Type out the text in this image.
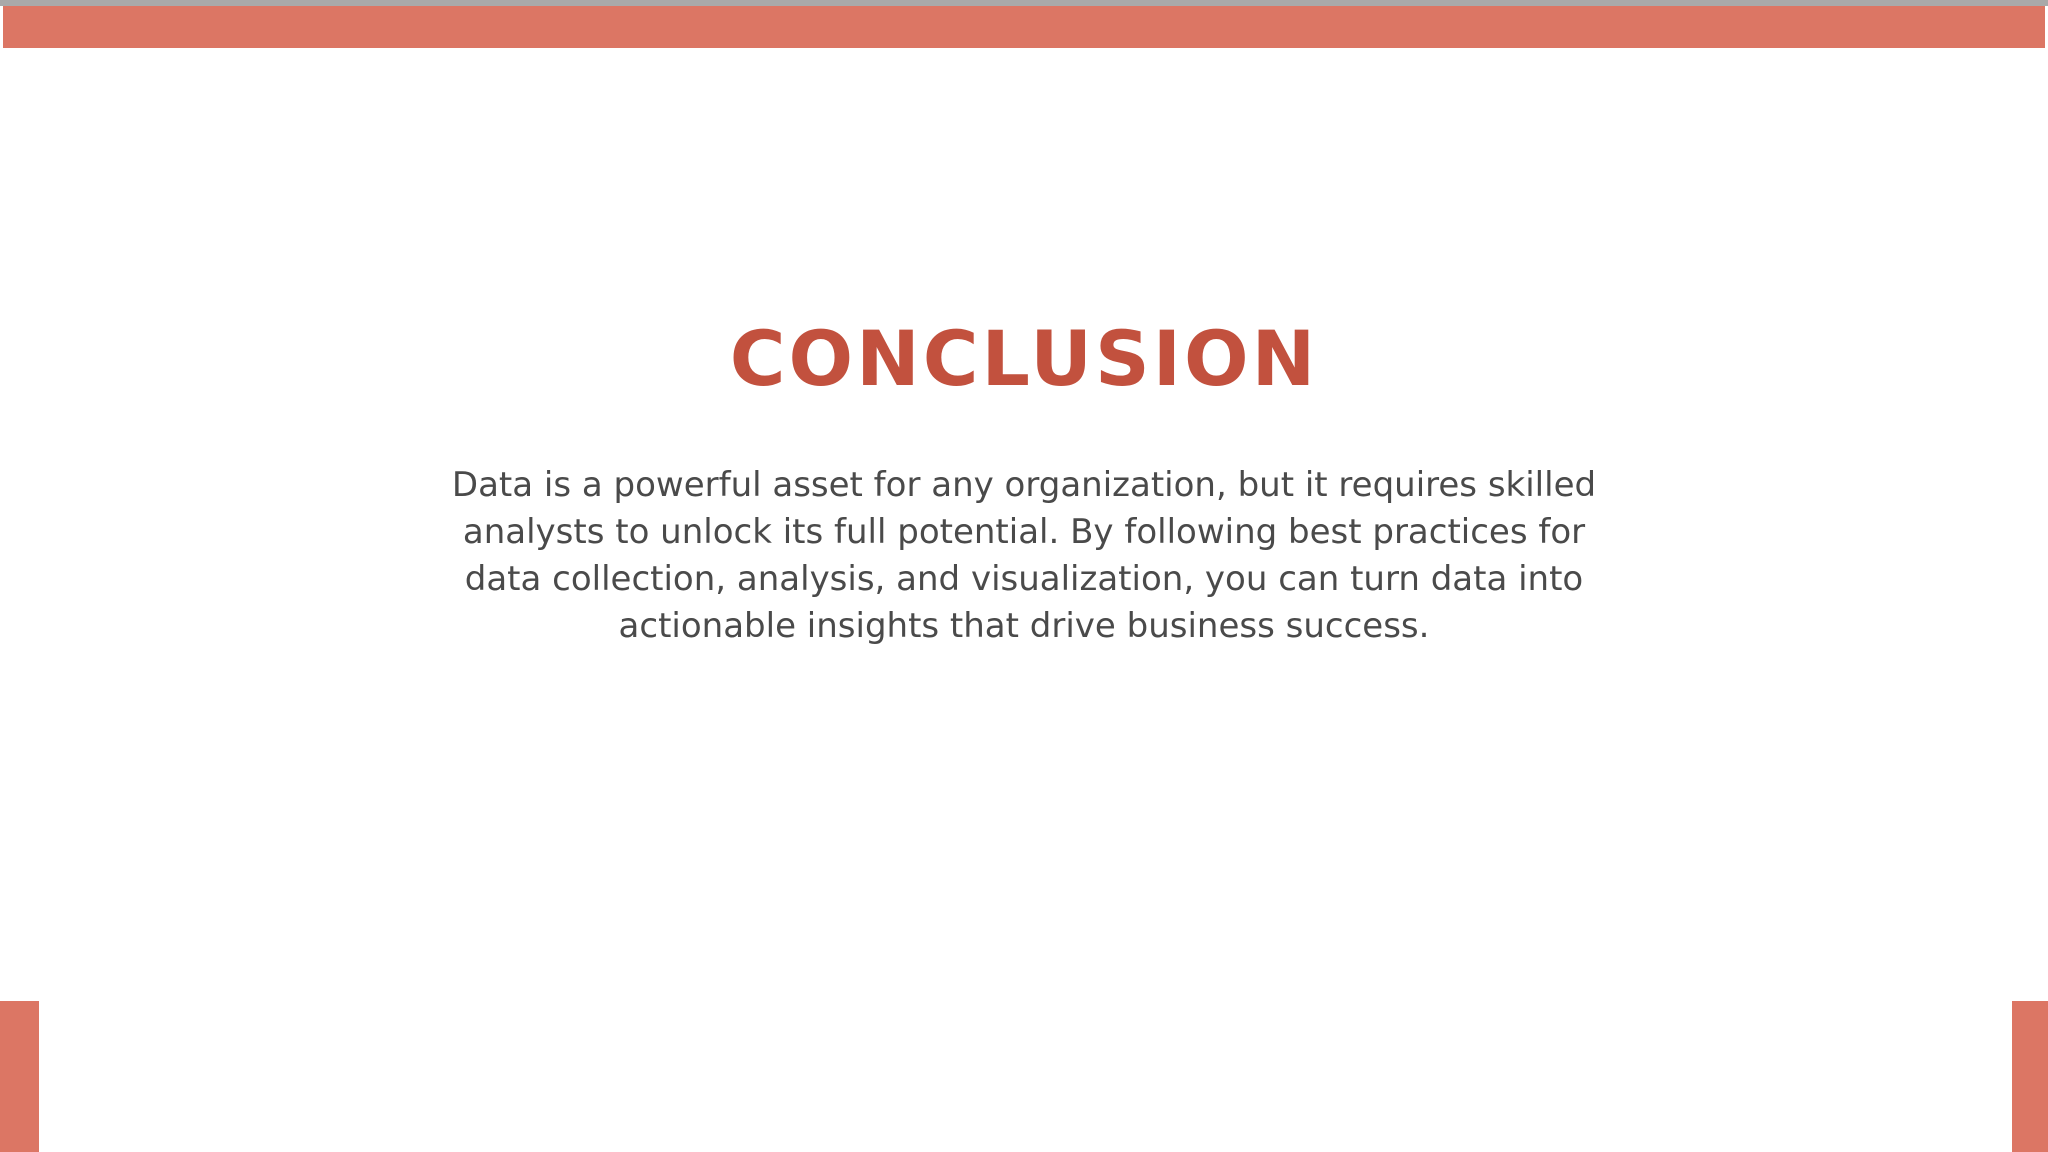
CONCLUSION
Data is a powerful asset for any organization, but it requires skilled analysts to unlock its full potential. By following best practices for data collection, analysis, and visualization, you can turn data into actionable insights that drive business success.
